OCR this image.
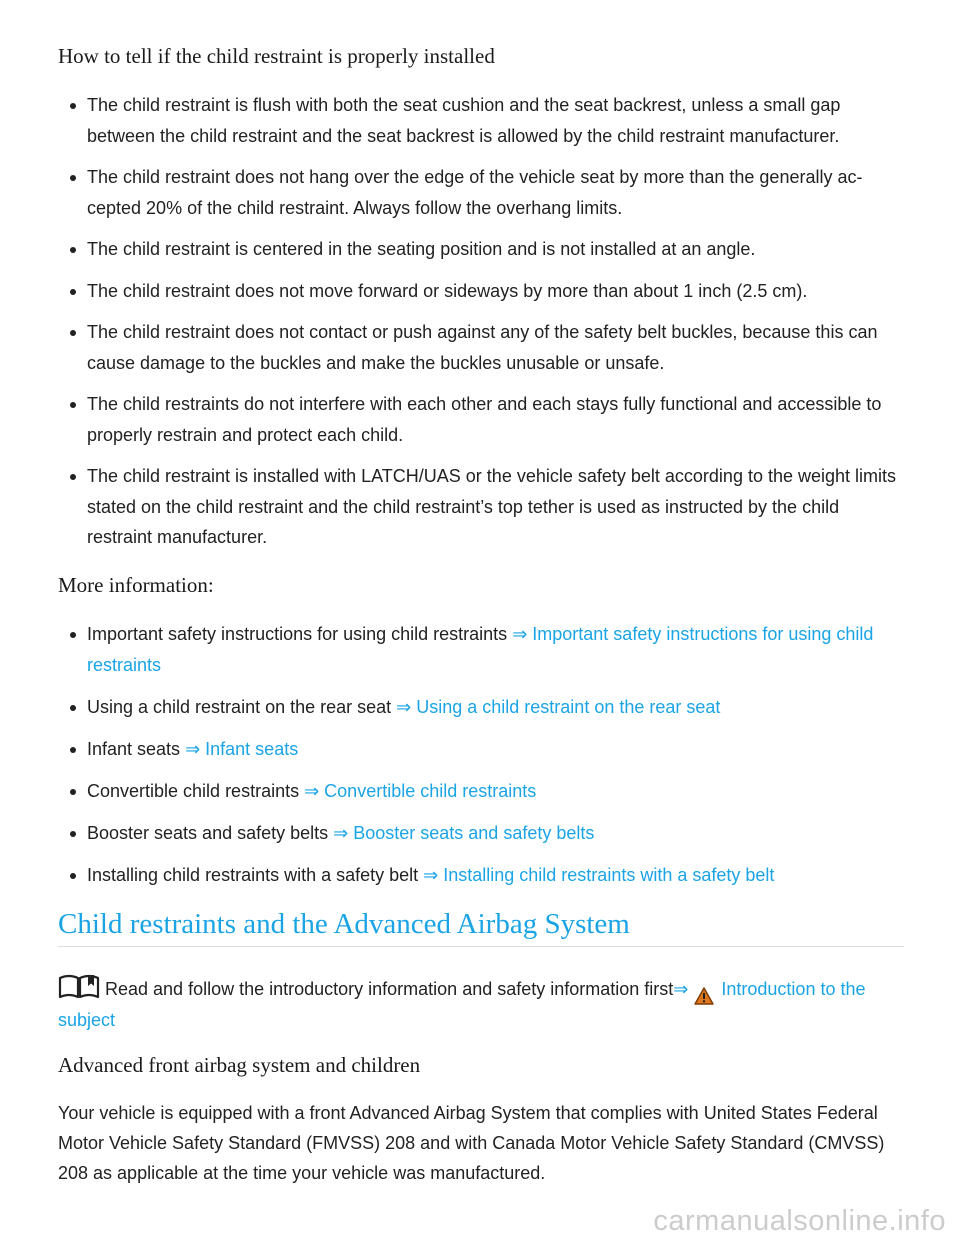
How to tell if the child restraint is properly installed
The child restraint is flush with both the seat cushion and the seat backrest, unless a small gap between the child restraint and the seat backrest is allowed by the child restraint manufacturer.
The child restraint does not hang over the edge of the vehicle seat by more than the generally ac-cepted 20% of the child restraint. Always follow the overhang limits.
The child restraint is centered in the seating position and is not installed at an angle.
The child restraint does not move forward or sideways by more than about 1 inch (2.5 cm).
The child restraint does not contact or push against any of the safety belt buckles, because this can cause damage to the buckles and make the buckles unusable or unsafe.
The child restraints do not interfere with each other and each stays fully functional and accessible to properly restrain and protect each child.
The child restraint is installed with LATCH/UAS or the vehicle safety belt according to the weight limits stated on the child restraint and the child restraint’s top tether is used as instructed by the child restraint manufacturer.
More information:
Important safety instructions for using child restraints ⇒ Important safety instructions for using child restraints
Using a child restraint on the rear seat ⇒ Using a child restraint on the rear seat
Infant seats ⇒ Infant seats
Convertible child restraints ⇒ Convertible child restraints
Booster seats and safety belts ⇒ Booster seats and safety belts
Installing child restraints with a safety belt ⇒ Installing child restraints with a safety belt
Child restraints and the Advanced Airbag System
Read and follow the introductory information and safety information first⇒ Introduction to the subject
Advanced front airbag system and children

Your vehicle is equipped with a front Advanced Airbag System that complies with United States Federal Motor Vehicle Safety Standard (FMVSS) 208 and with Canada Motor Vehicle Safety Standard (CMVSS) 208 as applicable at the time your vehicle was manufactured.

carmanualsonline.info
